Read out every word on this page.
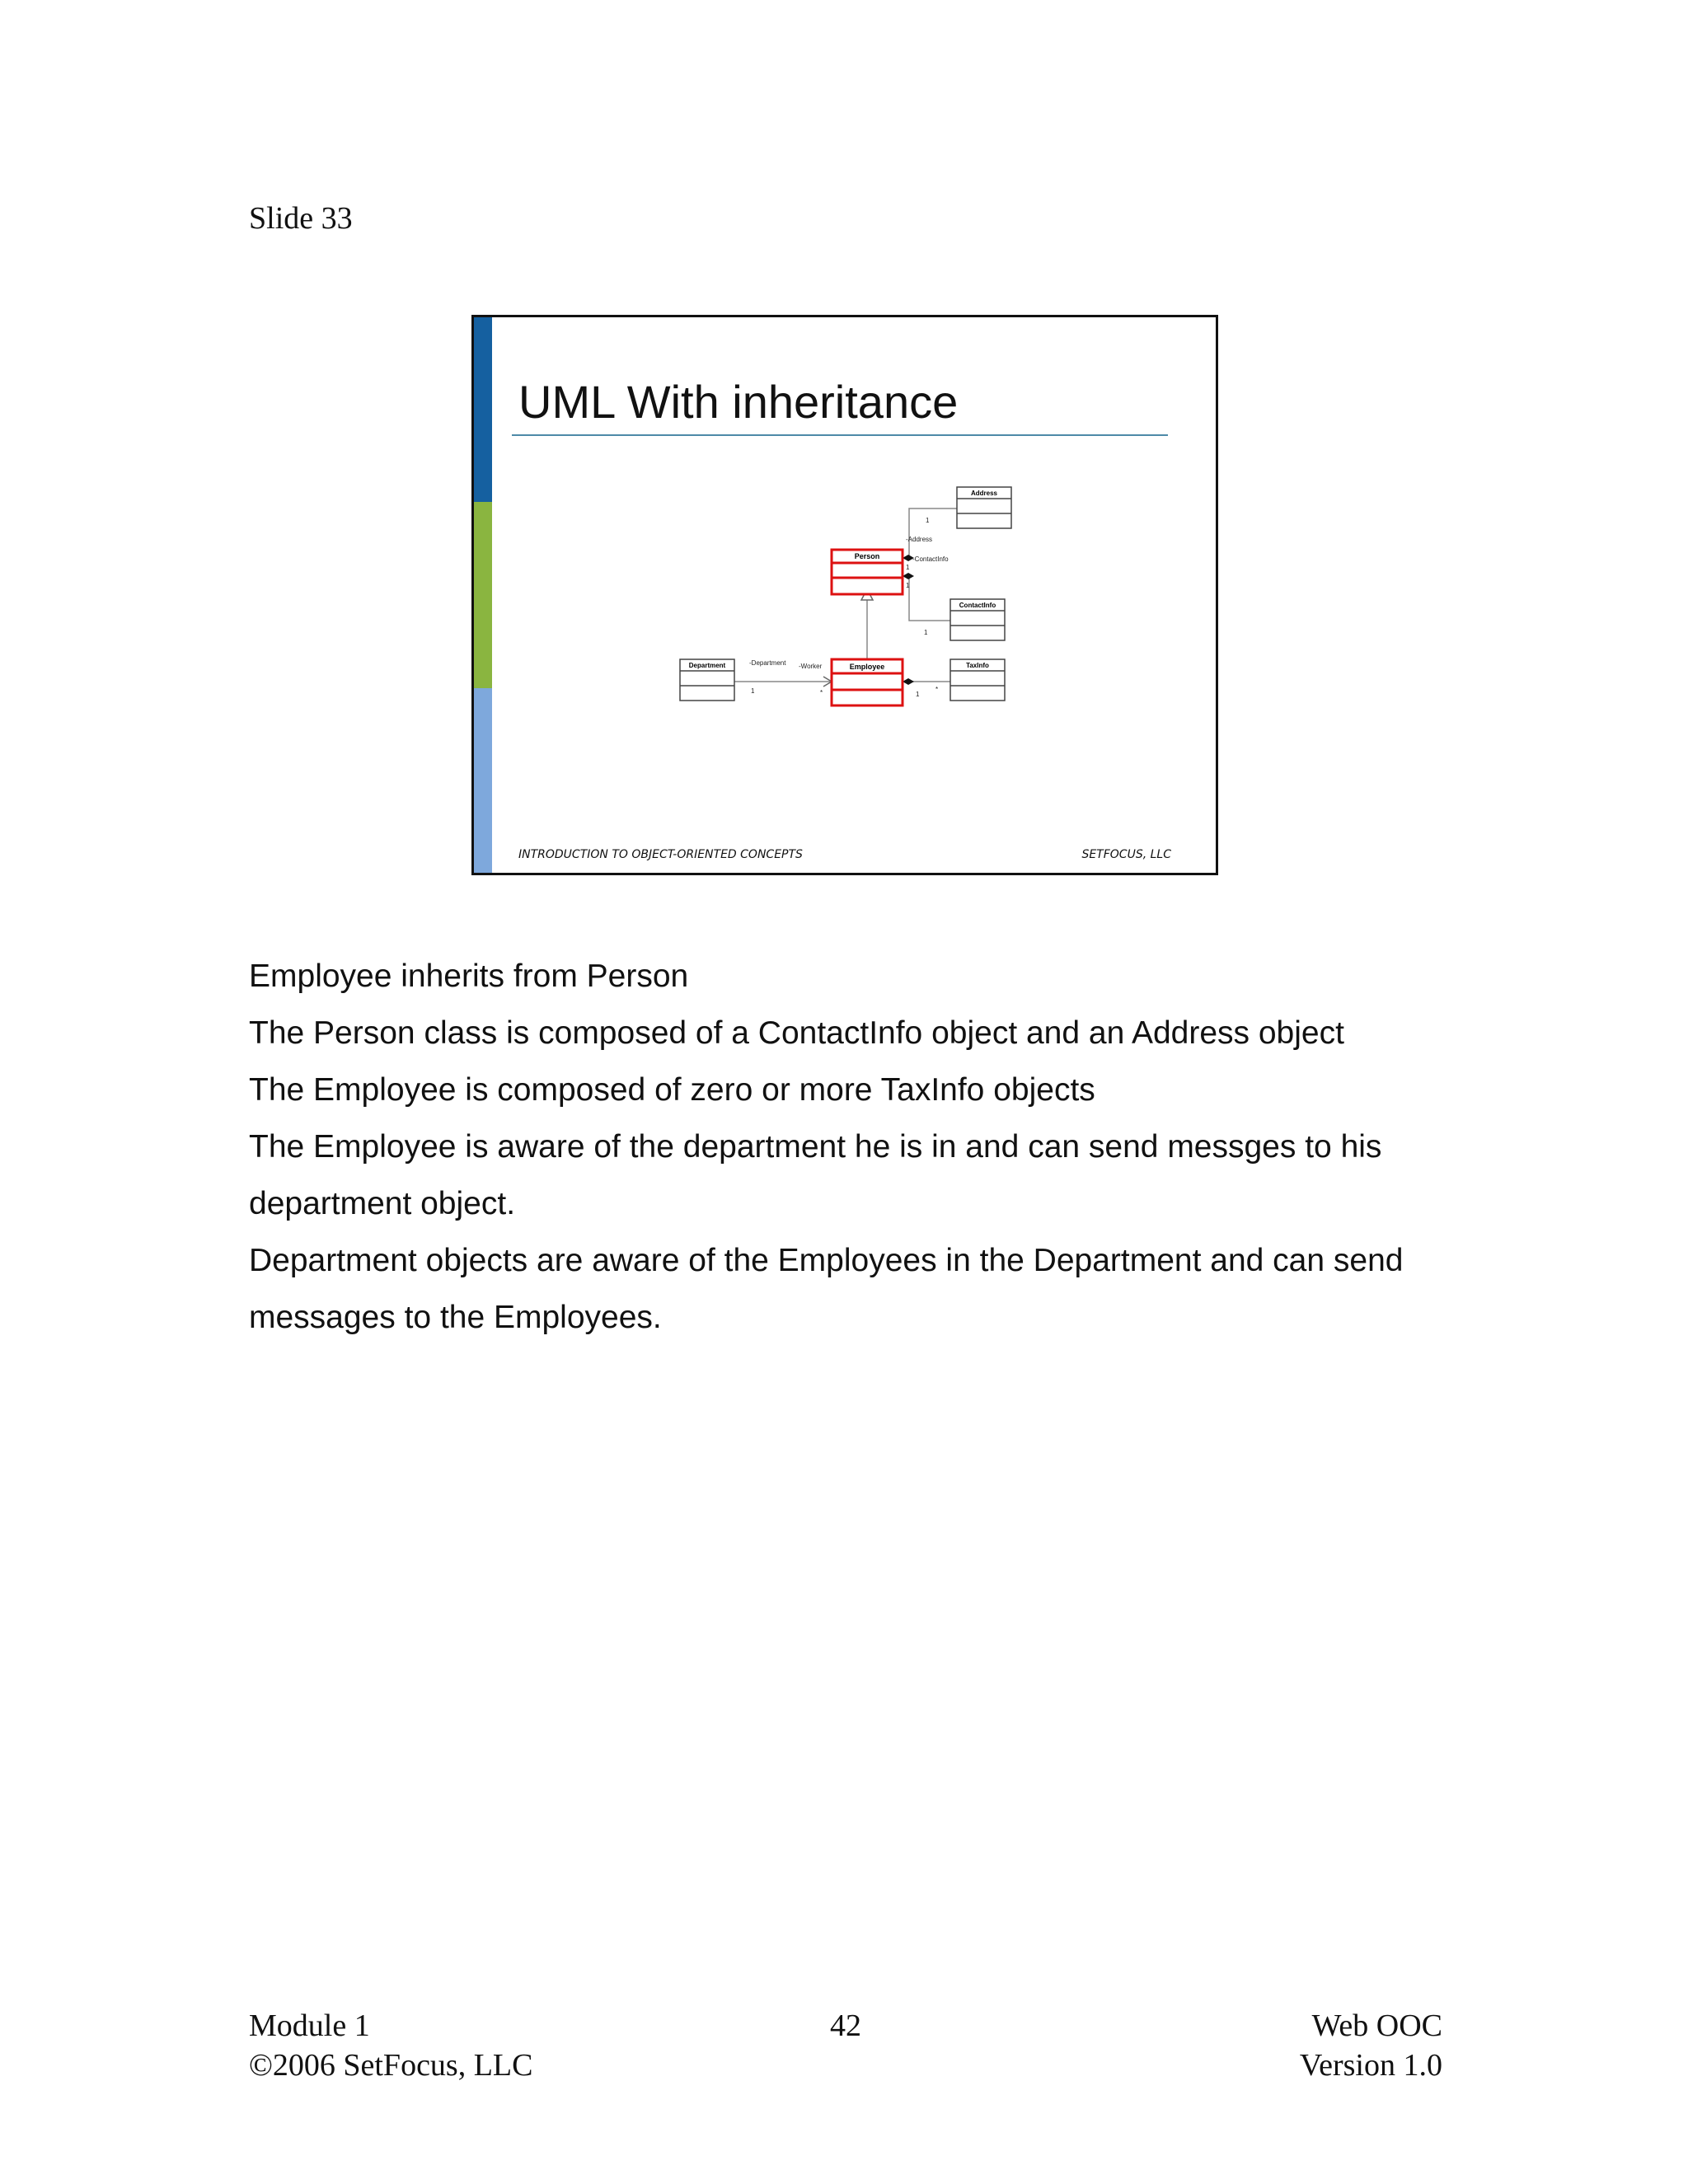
Slide 33
UML With inheritance
Address
Person
ContactInfo
Department	Employee	TaxInfo
1
-Address
-ContactInfo
1
1
1
-Department -Worker
1	*	1
*
INTRODUCTION TO OBJECT-ORIENTED CONCEPTS	SETFOCUS, LLC
Employee inherits from Person
The Person class is composed of a ContactInfo object and an Address object
The Employee is composed of zero or more TaxInfo objects
The Employee is aware of the department he is in and can send messges to his
department object.
Department objects are aware of the Employees in the Department and can send
messages to the Employees.
Module 1
©2006 SetFocus, LLC
42	Web OOC
Version 1.0
